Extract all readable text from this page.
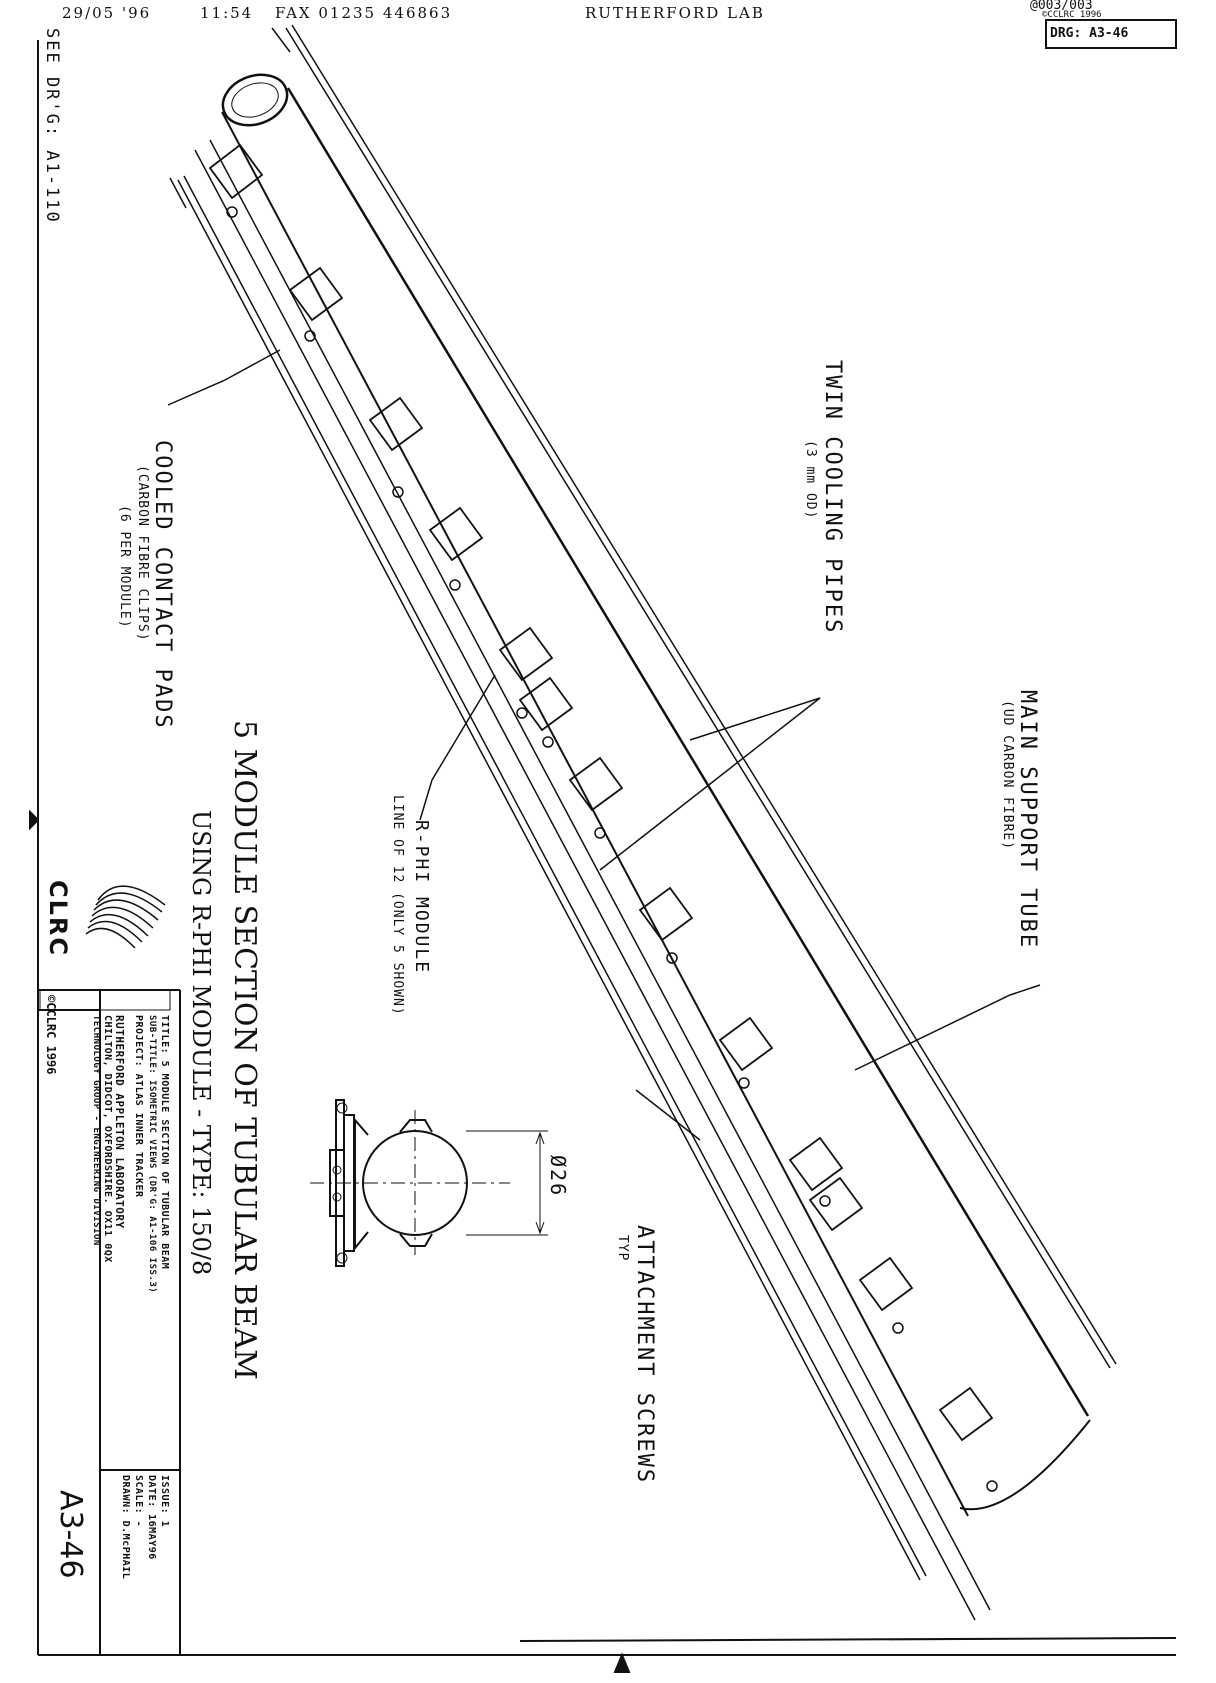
29/05 '96	11:54 FAX 01235 446863	RUTHERFORD LAB	@003/003
©CCLRC 1996
DRG: A3-46
SEE DR'G: A1-110
MAIN SUPPORT TUBE
(UD CARBON FIBRE)
TWIN COOLING PIPES
(3 mm OD)
COOLED CONTACT PADS
(CARBON FIBRE CLIPS)
(6 PER MODULE)
R-PHI MODULE
LINE OF 12 (ONLY 5 SHOWN)
ATTACHMENT SCREWS
TYP
Ø26
5 MODULE SECTION OF TUBULAR BEAM
USING R-PHI MODULE - TYPE: 150/8
CLRC
©CCLRC 1996	TITLE: 5 MODULE SECTION OF TUBULAR BEAM
SUB-TITLE: ISOMETRIC VIEWS (DR'G: A1-106 ISS.3)
PROJECT: ATLAS INNER TRACKER
RUTHERFORD APPLETON LABORATORY
CHILTON, DIDCOT, OXFORDSHIRE. OX11 0QX
TECHNOLOGY GROUP - ENGINEERING DIVISION
ISSUE: 1
DATE: 16MAY96
SCALE: -
DRAWN: D.McPHAIL
A3-46
